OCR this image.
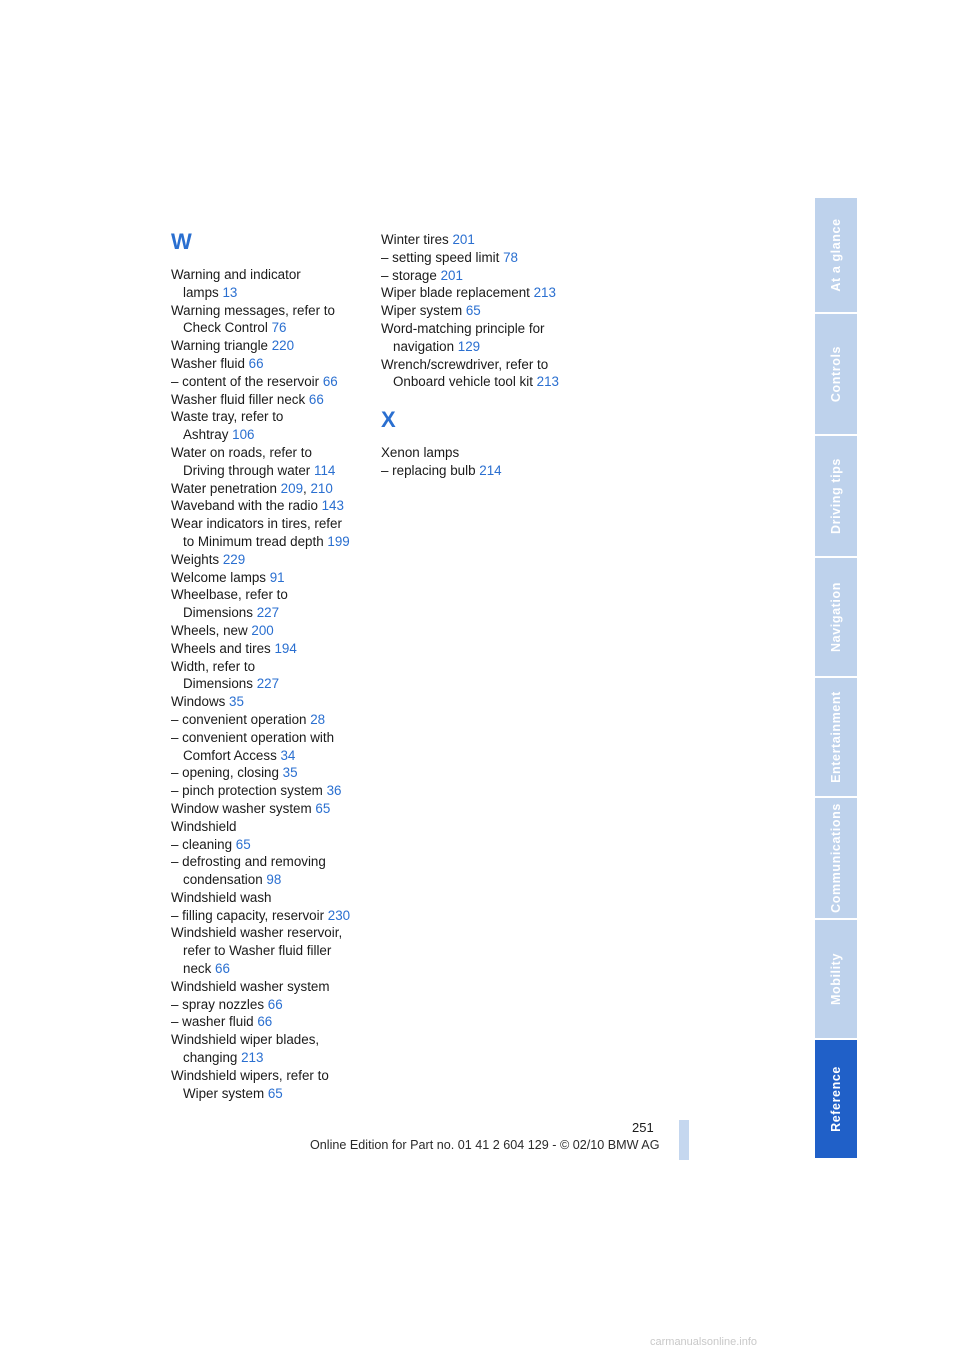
W
Warning and indicator
lamps 13
Warning messages, refer to
Check Control 76
Warning triangle 220
Washer fluid 66
– content of the reservoir 66
Washer fluid filler neck 66
Waste tray, refer to
Ashtray 106
Water on roads, refer to
Driving through water 114
Water penetration 209, 210
Waveband with the radio 143
Wear indicators in tires, refer
to Minimum tread depth 199
Weights 229
Welcome lamps 91
Wheelbase, refer to
Dimensions 227
Wheels, new 200
Wheels and tires 194
Width, refer to
Dimensions 227
Windows 35
– convenient operation 28
– convenient operation with
Comfort Access 34
– opening, closing 35
– pinch protection system 36
Window washer system 65
Windshield
– cleaning 65
– defrosting and removing
condensation 98
Windshield wash
– filling capacity, reservoir 230
Windshield washer reservoir,
refer to Washer fluid filler
neck 66
Windshield washer system
– spray nozzles 66
– washer fluid 66
Windshield wiper blades,
changing 213
Windshield wipers, refer to
Wiper system 65
Winter tires 201
– setting speed limit 78
– storage 201
Wiper blade replacement 213
Wiper system 65
Word-matching principle for
navigation 129
Wrench/screwdriver, refer to
Onboard vehicle tool kit 213
X
Xenon lamps
– replacing bulb 214
At a glance
Controls
Driving tips
Navigation
Entertainment
Communications
Mobility
Reference
251
Online Edition for Part no. 01 41 2 604 129 - © 02/10 BMW AG
carmanualsonline.info
